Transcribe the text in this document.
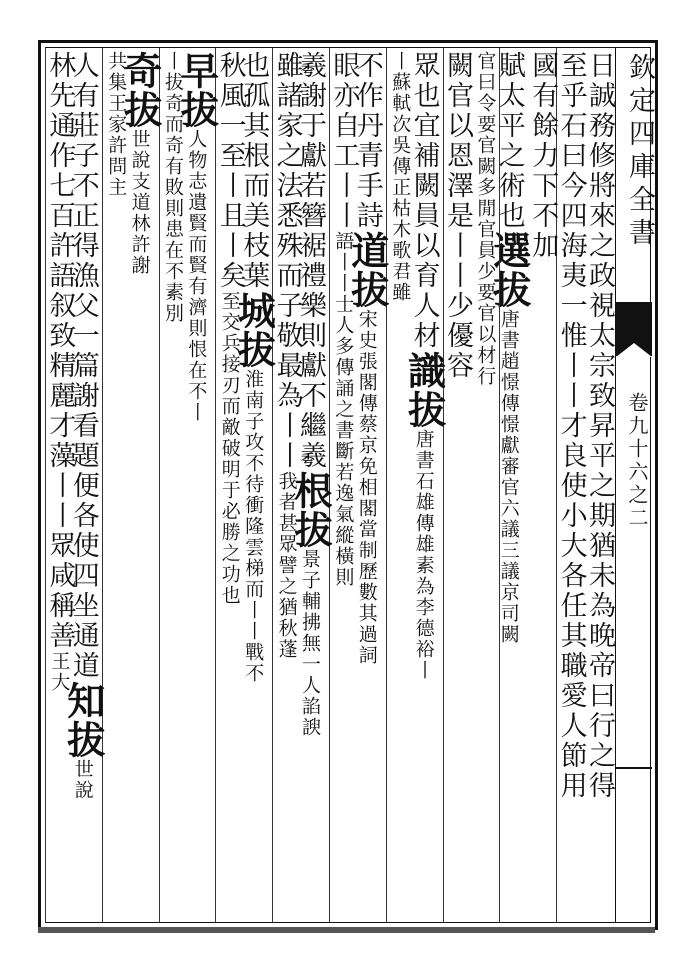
日誠務修將來之政視太宗致昇平之期猶未為晚帝曰行之得
至乎石曰今四海夷一惟丨丨才良使小大各任其職愛人節用
國有餘力下不加
賦太平之術也選拔唐書趙憬傳憬獻審官六議三議京司闕
官曰令要官闕多閒官員少要官以材行
闕官以恩澤是丨丨少優容
眾也宜補闕員以育人材識拔唐書石雄傳雄素為李德裕丨
丨蘇軾次吳傳正枯木歌君雖
不作丹青手詩道拔宋史張閣傳蔡京免相閣當制歷數其過詞
眼亦自工丨丨語丨丨士人多傳誦之書斷若逸氣縱橫則
羲謝于獻若簪裾禮樂則獻不繼羲根拔景子輔拂無一人諂諛
雖諸家之法悉殊而子敬最為丨丨我者甚眾譬之猶秋蓬
也孤其根而美枝葉城拔淮南子攻不待衝隆雲梯而丨丨戰不
秋風一至丨且丨矣至交兵接刃而敵破明于必勝之功也
早拔人物志遺賢而賢有濟則恨在不丨
丨拔奇而奇有敗則患在不素別
奇拔世說支道林許謝
共集王家許問主
人有莊子不正得漁父一篇謝看題便各使四坐通道知拔世說
林先通作七百許語叙致精麗才藻丨丨眾咸稱善王大
欽定四庫全書
卷九十六之二
